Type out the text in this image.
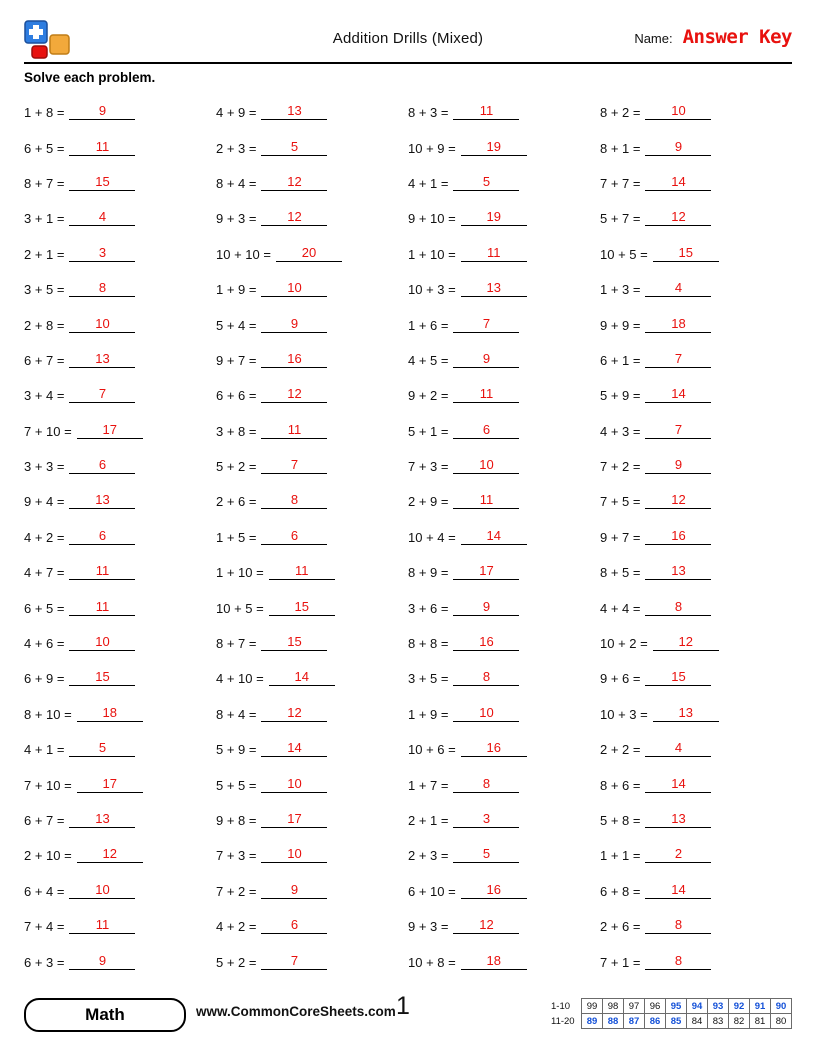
Addition Drills (Mixed)	Name: Answer Key
Solve each problem.
1 + 8 =	9	4 + 9 =	13	8 + 3 =	11	8 + 2 =	10
6 + 5 =	11	2 + 3 =	5	10 + 9 =	19	8 + 1 =	9
8 + 7 =	15	8 + 4 =	12	4 + 1 =	5	7 + 7 =	14
3 + 1 =	4	9 + 3 =	12	9 + 10 =	19	5 + 7 =	12
2 + 1 =	3	10 + 10 =	20	1 + 10 =	11	10 + 5 =	15
3 + 5 =	8	1 + 9 =	10	10 + 3 =	13	1 + 3 =	4
2 + 8 =	10	5 + 4 =	9	1 + 6 =	7	9 + 9 =	18
6 + 7 =	13	9 + 7 =	16	4 + 5 =	9	6 + 1 =	7
3 + 4 =	7	6 + 6 =	12	9 + 2 =	11	5 + 9 =	14
7 + 10 =	17	3 + 8 =	11	5 + 1 =	6	4 + 3 =	7
3 + 3 =	6	5 + 2 =	7	7 + 3 =	10	7 + 2 =	9
9 + 4 =	13	2 + 6 =	8	2 + 9 =	11	7 + 5 =	12
4 + 2 =	6	1 + 5 =	6	10 + 4 =	14	9 + 7 =	16
4 + 7 =	11	1 + 10 =	11	8 + 9 =	17	8 + 5 =	13
6 + 5 =	11	10 + 5 =	15	3 + 6 =	9	4 + 4 =	8
4 + 6 =	10	8 + 7 =	15	8 + 8 =	16	10 + 2 =	12
6 + 9 =	15	4 + 10 =	14	3 + 5 =	8	9 + 6 =	15
8 + 10 =	18	8 + 4 =	12	1 + 9 =	10	10 + 3 =	13
4 + 1 =	5	5 + 9 =	14	10 + 6 =	16	2 + 2 =	4
7 + 10 =	17	5 + 5 =	10	1 + 7 =	8	8 + 6 =	14
6 + 7 =	13	9 + 8 =	17	2 + 1 =	3	5 + 8 =	13
2 + 10 =	12	7 + 3 =	10	2 + 3 =	5	1 + 1 =	2
6 + 4 =	10	7 + 2 =	9	6 + 10 =	16	6 + 8 =	14
7 + 4 =	11	4 + 2 =	6	9 + 3 =	12	2 + 6 =	8
6 + 3 =	9	5 + 2 =	7	10 + 8 =	18	7 + 1 =	8
Math	www.CommonCoreSheets.com 1	1-10	99	98	97	96	95	94	93	92	91	90
11-20	89	88	87	86	85	84	83	82	81	80
